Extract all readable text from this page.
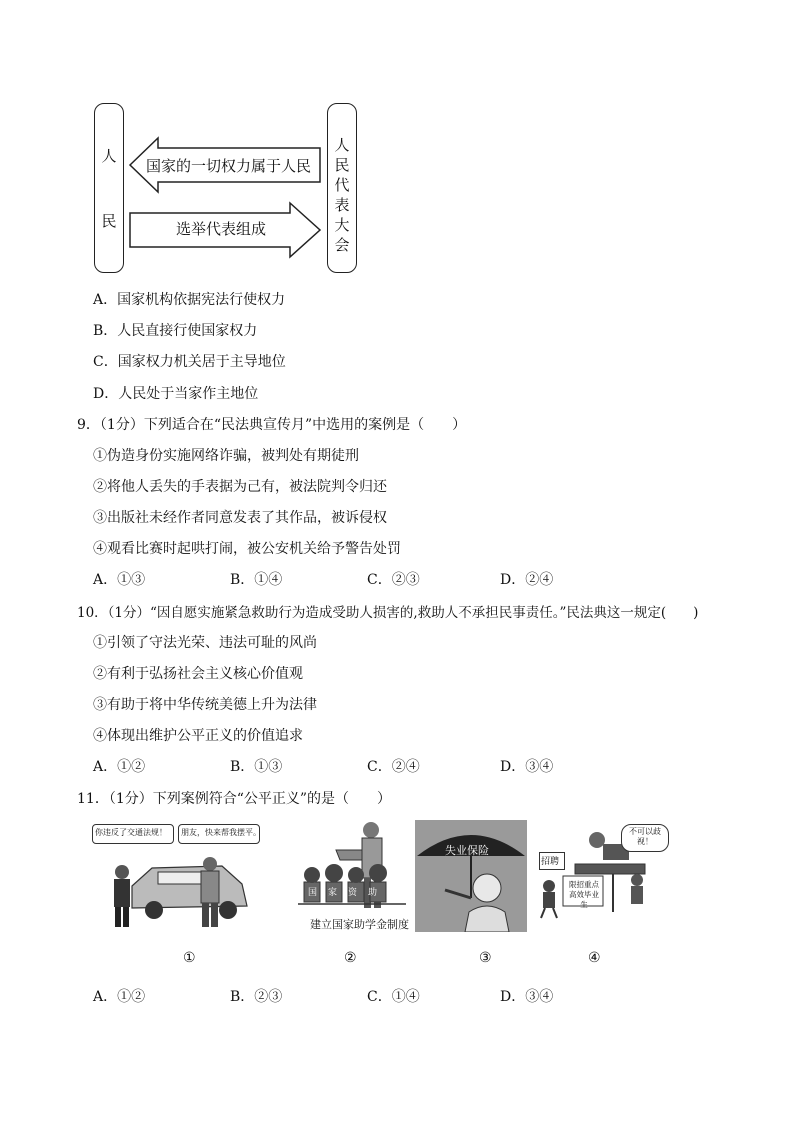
人
民
人
民
代
表
大
会
国家的一切权力属于人民
选举代表组成
A．国家机构依据宪法行使权力
B．人民直接行使国家权力
C．国家权力机关居于主导地位
D．人民处于当家作主地位
9．（1分）下列适合在“民法典宣传月”中选用的案例是（　　）
①伪造身份实施网络诈骗，被判处有期徒刑
②将他人丢失的手表据为己有，被法院判令归还
③出版社未经作者同意发表了其作品，被诉侵权
④观看比赛时起哄打闹，被公安机关给予警告处罚
A．①③	B．①④	C．②③	D．②④
10．（1分）“因自愿实施紧急救助行为造成受助人损害的,救助人不承担民事责任。”民法典这一规定(　　)
①引领了守法光荣、违法可耻的风尚
②有利于弘扬社会主义核心价值观
③有助于将中华传统美德上升为法律
④体现出维护公平正义的价值追求
A．①②	B．①③	C．②④	D．③④
11．（1分）下列案例符合“公平正义”的是（　　）
你违反了交通法规！ 朋友，快来帮我摆平。
①
国家资助
建立国家助学金制度
②
失业保险
③
招聘
限招重点高效毕业生
不可以歧视！
④
A．①②	B．②③	C．①④	D．③④
